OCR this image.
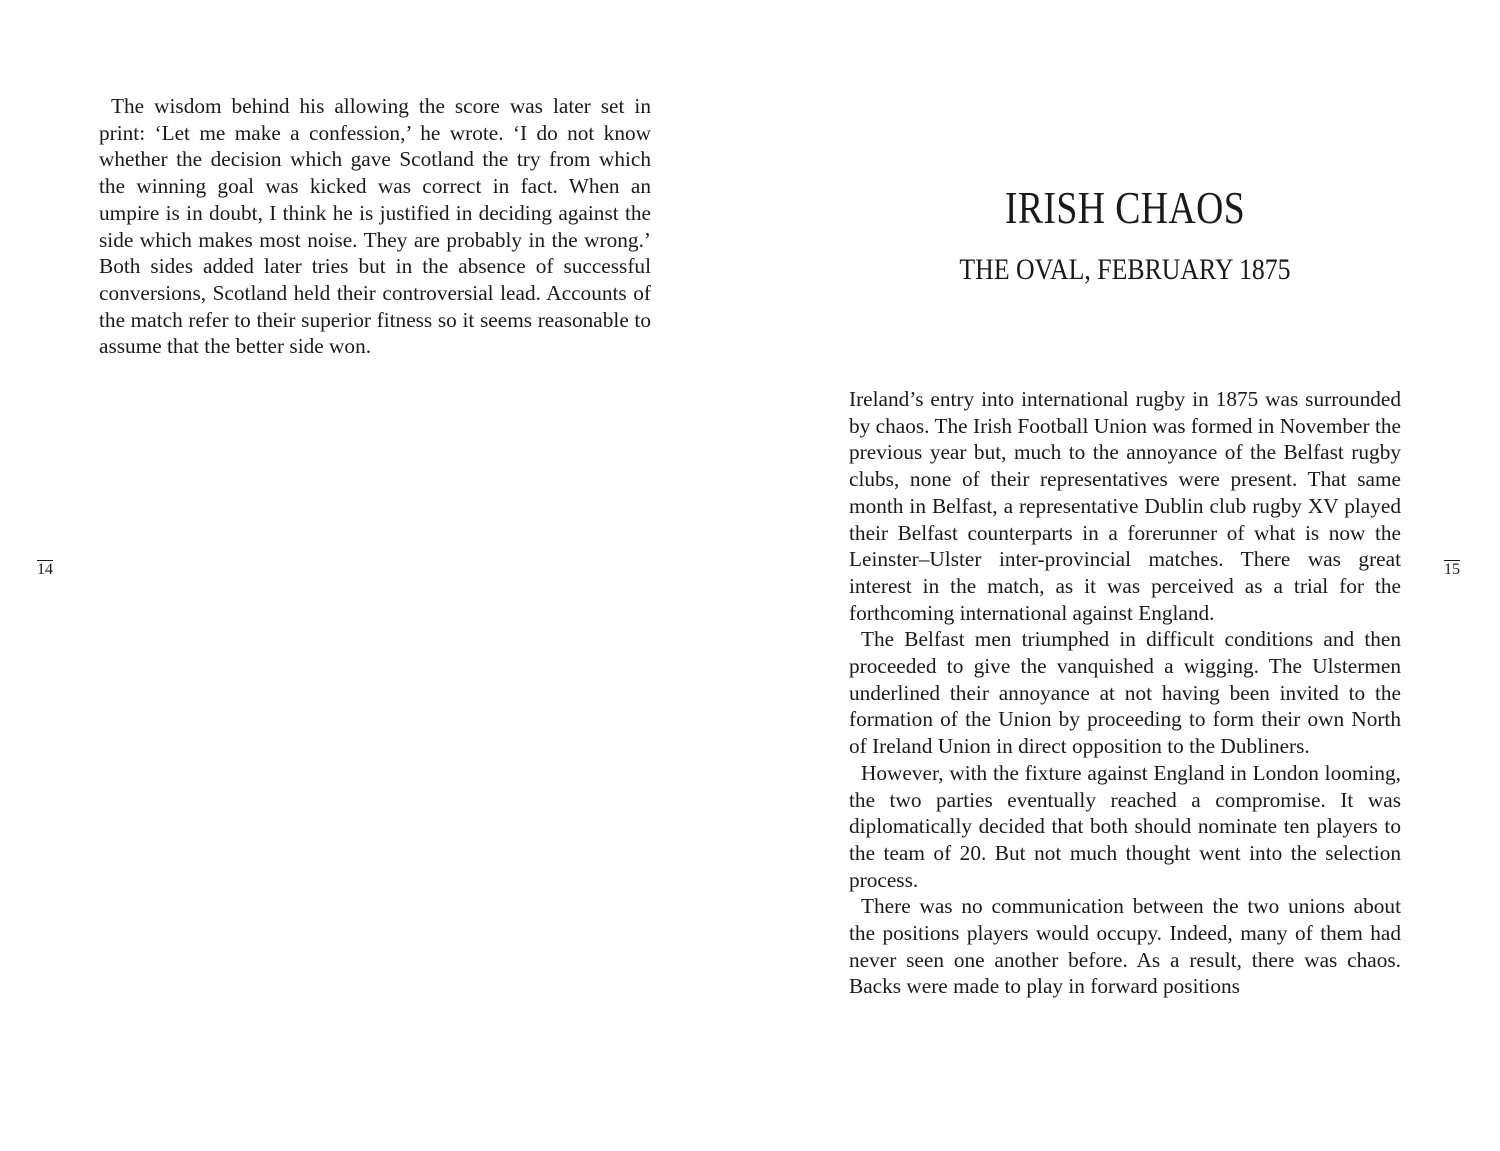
The wisdom behind his allowing the score was later set in print: ‘Let me make a confession,’ he wrote. ‘I do not know whether the decision which gave Scotland the try from which the winning goal was kicked was correct in fact. When an umpire is in doubt, I think he is justified in deciding against the side which makes most noise. They are probably in the wrong.’ Both sides added later tries but in the absence of successful conversions, Scotland held their controversial lead. Accounts of the match refer to their superior fitness so it seems reasonable to assume that the better side won.

14
IRISH CHAOS
THE OVAL, FEBRUARY 1875

Ireland’s entry into international rugby in 1875 was surrounded by chaos. The Irish Football Union was formed in November the previous year but, much to the annoyance of the Belfast rugby clubs, none of their representatives were present. That same month in Belfast, a representative Dublin club rugby XV played their Belfast counterparts in a forerunner of what is now the Leinster–Ulster inter-provincial matches. There was great interest in the match, as it was perceived as a trial for the forthcoming international against England.

The Belfast men triumphed in difficult conditions and then proceeded to give the vanquished a wigging. The Ulstermen underlined their annoyance at not having been invited to the formation of the Union by proceeding to form their own North of Ireland Union in direct opposition to the Dubliners.

However, with the fixture against England in London looming, the two parties eventually reached a compromise. It was diplomatically decided that both should nominate ten players to the team of 20. But not much thought went into the selection process.

There was no communication between the two unions about the positions players would occupy. Indeed, many of them had never seen one another before. As a result, there was chaos. Backs were made to play in forward positions

15
